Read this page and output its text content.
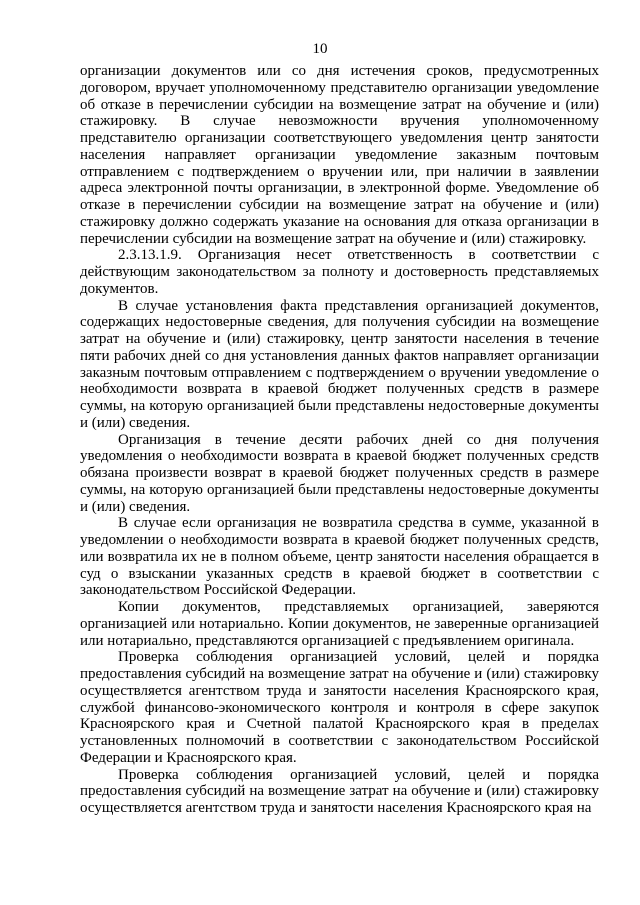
10

организации документов или со дня истечения сроков, предусмотренных договором, вручает уполномоченному представителю организации уведомление об отказе в перечислении субсидии на возмещение затрат на обучение и (или) стажировку. В случае невозможности вручения уполномоченному представителю организации соответствующего уведомления центр занятости населения направляет организации уведомление заказным почтовым отправлением с подтверждением о вручении или, при наличии в заявлении адреса электронной почты организации, в электронной форме. Уведомление об отказе в перечислении субсидии на возмещение затрат на обучение и (или) стажировку должно содержать указание на основания для отказа организации в перечислении субсидии на возмещение затрат на обучение и (или) стажировку.

2.3.13.1.9. Организация несет ответственность в соответствии с действующим законодательством за полноту и достоверность представляемых документов.

В случае установления факта представления организацией документов, содержащих недостоверные сведения, для получения субсидии на возмещение затрат на обучение и (или) стажировку, центр занятости населения в течение пяти рабочих дней со дня установления данных фактов направляет организации заказным почтовым отправлением с подтверждением о вручении уведомление о необходимости возврата в краевой бюджет полученных средств в размере суммы, на которую организацией были представлены недостоверные документы и (или) сведения.

Организация в течение десяти рабочих дней со дня получения уведомления о необходимости возврата в краевой бюджет полученных средств обязана произвести возврат в краевой бюджет полученных средств в размере суммы, на которую организацией были представлены недостоверные документы и (или) сведения.

В случае если организация не возвратила средства в сумме, указанной в уведомлении о необходимости возврата в краевой бюджет полученных средств, или возвратила их не в полном объеме, центр занятости населения обращается в суд о взыскании указанных средств в краевой бюджет в соответствии с законодательством Российской Федерации.

Копии документов, представляемых организацией, заверяются организацией или нотариально. Копии документов, не заверенные организацией или нотариально, представляются организацией с предъявлением оригинала.

Проверка соблюдения организацией условий, целей и порядка предоставления субсидий на возмещение затрат на обучение и (или) стажировку осуществляется агентством труда и занятости населения Красноярского края, службой финансово-экономического контроля и контроля в сфере закупок Красноярского края и Счетной палатой Красноярского края в пределах установленных полномочий в соответствии с законодательством Российской Федерации и Красноярского края.

Проверка соблюдения организацией условий, целей и порядка предоставления субсидий на возмещение затрат на обучение и (или) стажировку осуществляется агентством труда и занятости населения Красноярского края на
